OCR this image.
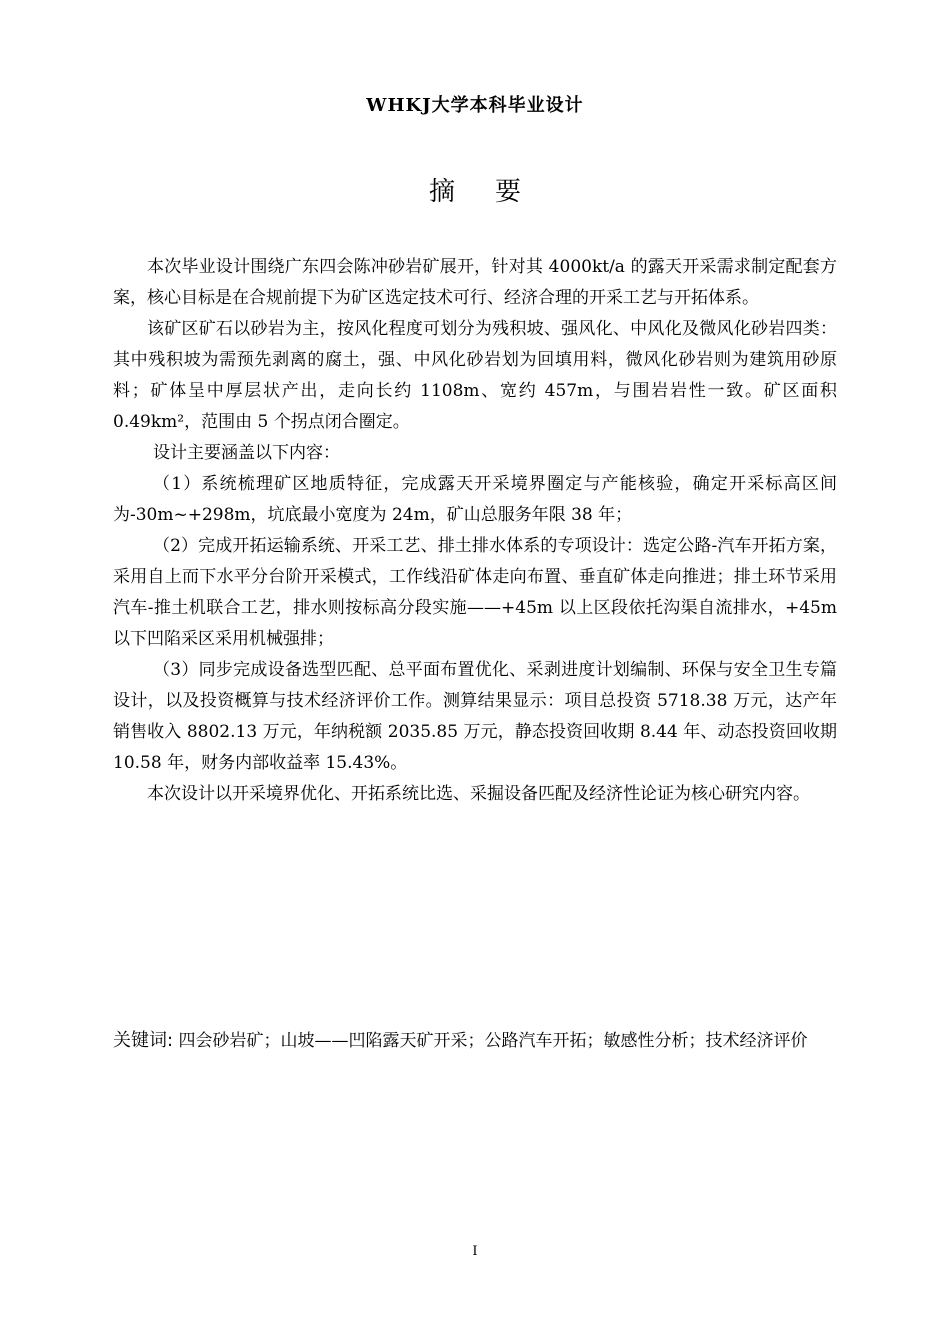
WHKJ大学本科毕业设计
摘要

本次毕业设计围绕广东四会陈冲砂岩矿展开，针对其 4000kt/a 的露天开采需求制定配套方案，核心目标是在合规前提下为矿区选定技术可行、经济合理的开采工艺与开拓体系。

该矿区矿石以砂岩为主，按风化程度可划分为残积坡、强风化、中风化及微风化砂岩四类：其中残积坡为需预先剥离的腐土，强、中风化砂岩划为回填用料，微风化砂岩则为建筑用砂原料；矿体呈中厚层状产出，走向长约 1108m、宽约 457m，与围岩岩性一致。矿区面积 0.49km²，范围由 5 个拐点闭合圈定。

设计主要涵盖以下内容：

（1）系统梳理矿区地质特征，完成露天开采境界圈定与产能核验，确定开采标高区间为-30m~+298m，坑底最小宽度为 24m，矿山总服务年限 38 年；

（2）完成开拓运输系统、开采工艺、排土排水体系的专项设计：选定公路-汽车开拓方案，采用自上而下水平分台阶开采模式，工作线沿矿体走向布置、垂直矿体走向推进；排土环节采用汽车-推土机联合工艺，排水则按标高分段实施——+45m 以上区段依托沟渠自流排水，+45m 以下凹陷采区采用机械强排；

（3）同步完成设备选型匹配、总平面布置优化、采剥进度计划编制、环保与安全卫生专篇设计，以及投资概算与技术经济评价工作。测算结果显示：项目总投资 5718.38 万元，达产年销售收入 8802.13 万元，年纳税额 2035.85 万元，静态投资回收期 8.44 年、动态投资回收期 10.58 年，财务内部收益率 15.43%。

本次设计以开采境界优化、开拓系统比选、采掘设备匹配及经济性论证为核心研究内容。

关键词: 四会砂岩矿；山坡——凹陷露天矿开采；公路汽车开拓；敏感性分析；技术经济评价
I
